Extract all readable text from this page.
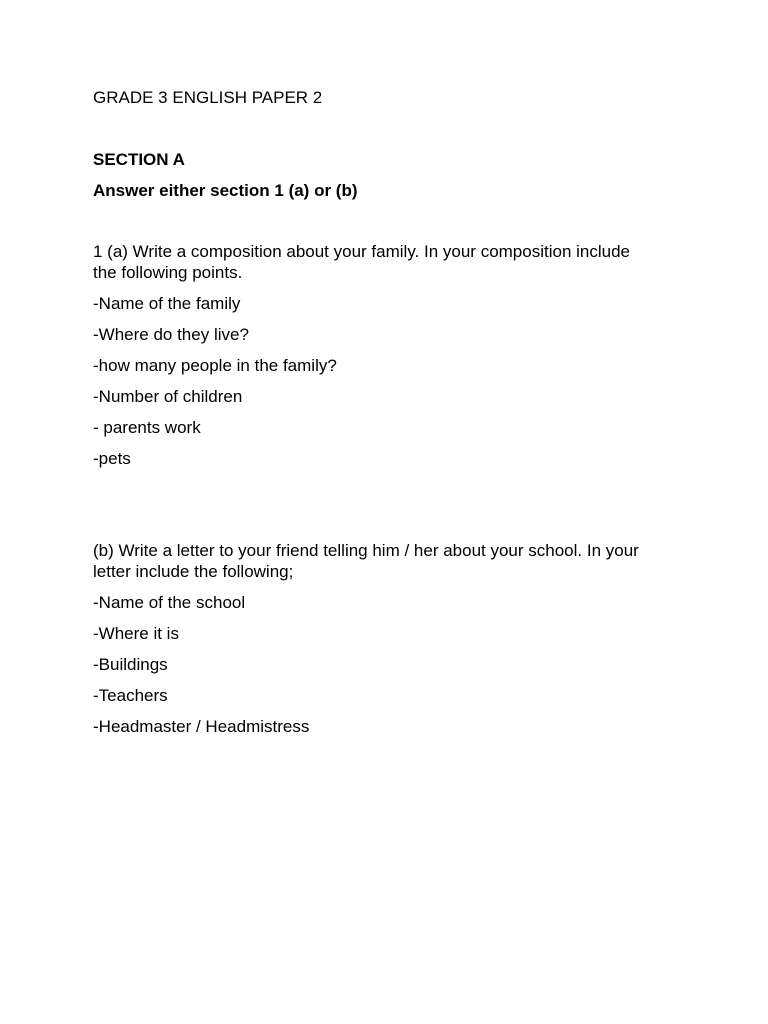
GRADE 3 ENGLISH PAPER 2

SECTION A

Answer either section 1 (a) or (b)

1 (a) Write a composition about your family. In your composition include

the following points.

-Name of the family

-Where do they live?

-how many people in the family?

-Number of children

- parents work

-pets

(b) Write a letter to your friend telling him / her about your school. In your

letter include the following;

-Name of the school

-Where it is

-Buildings

-Teachers

-Headmaster / Headmistress
